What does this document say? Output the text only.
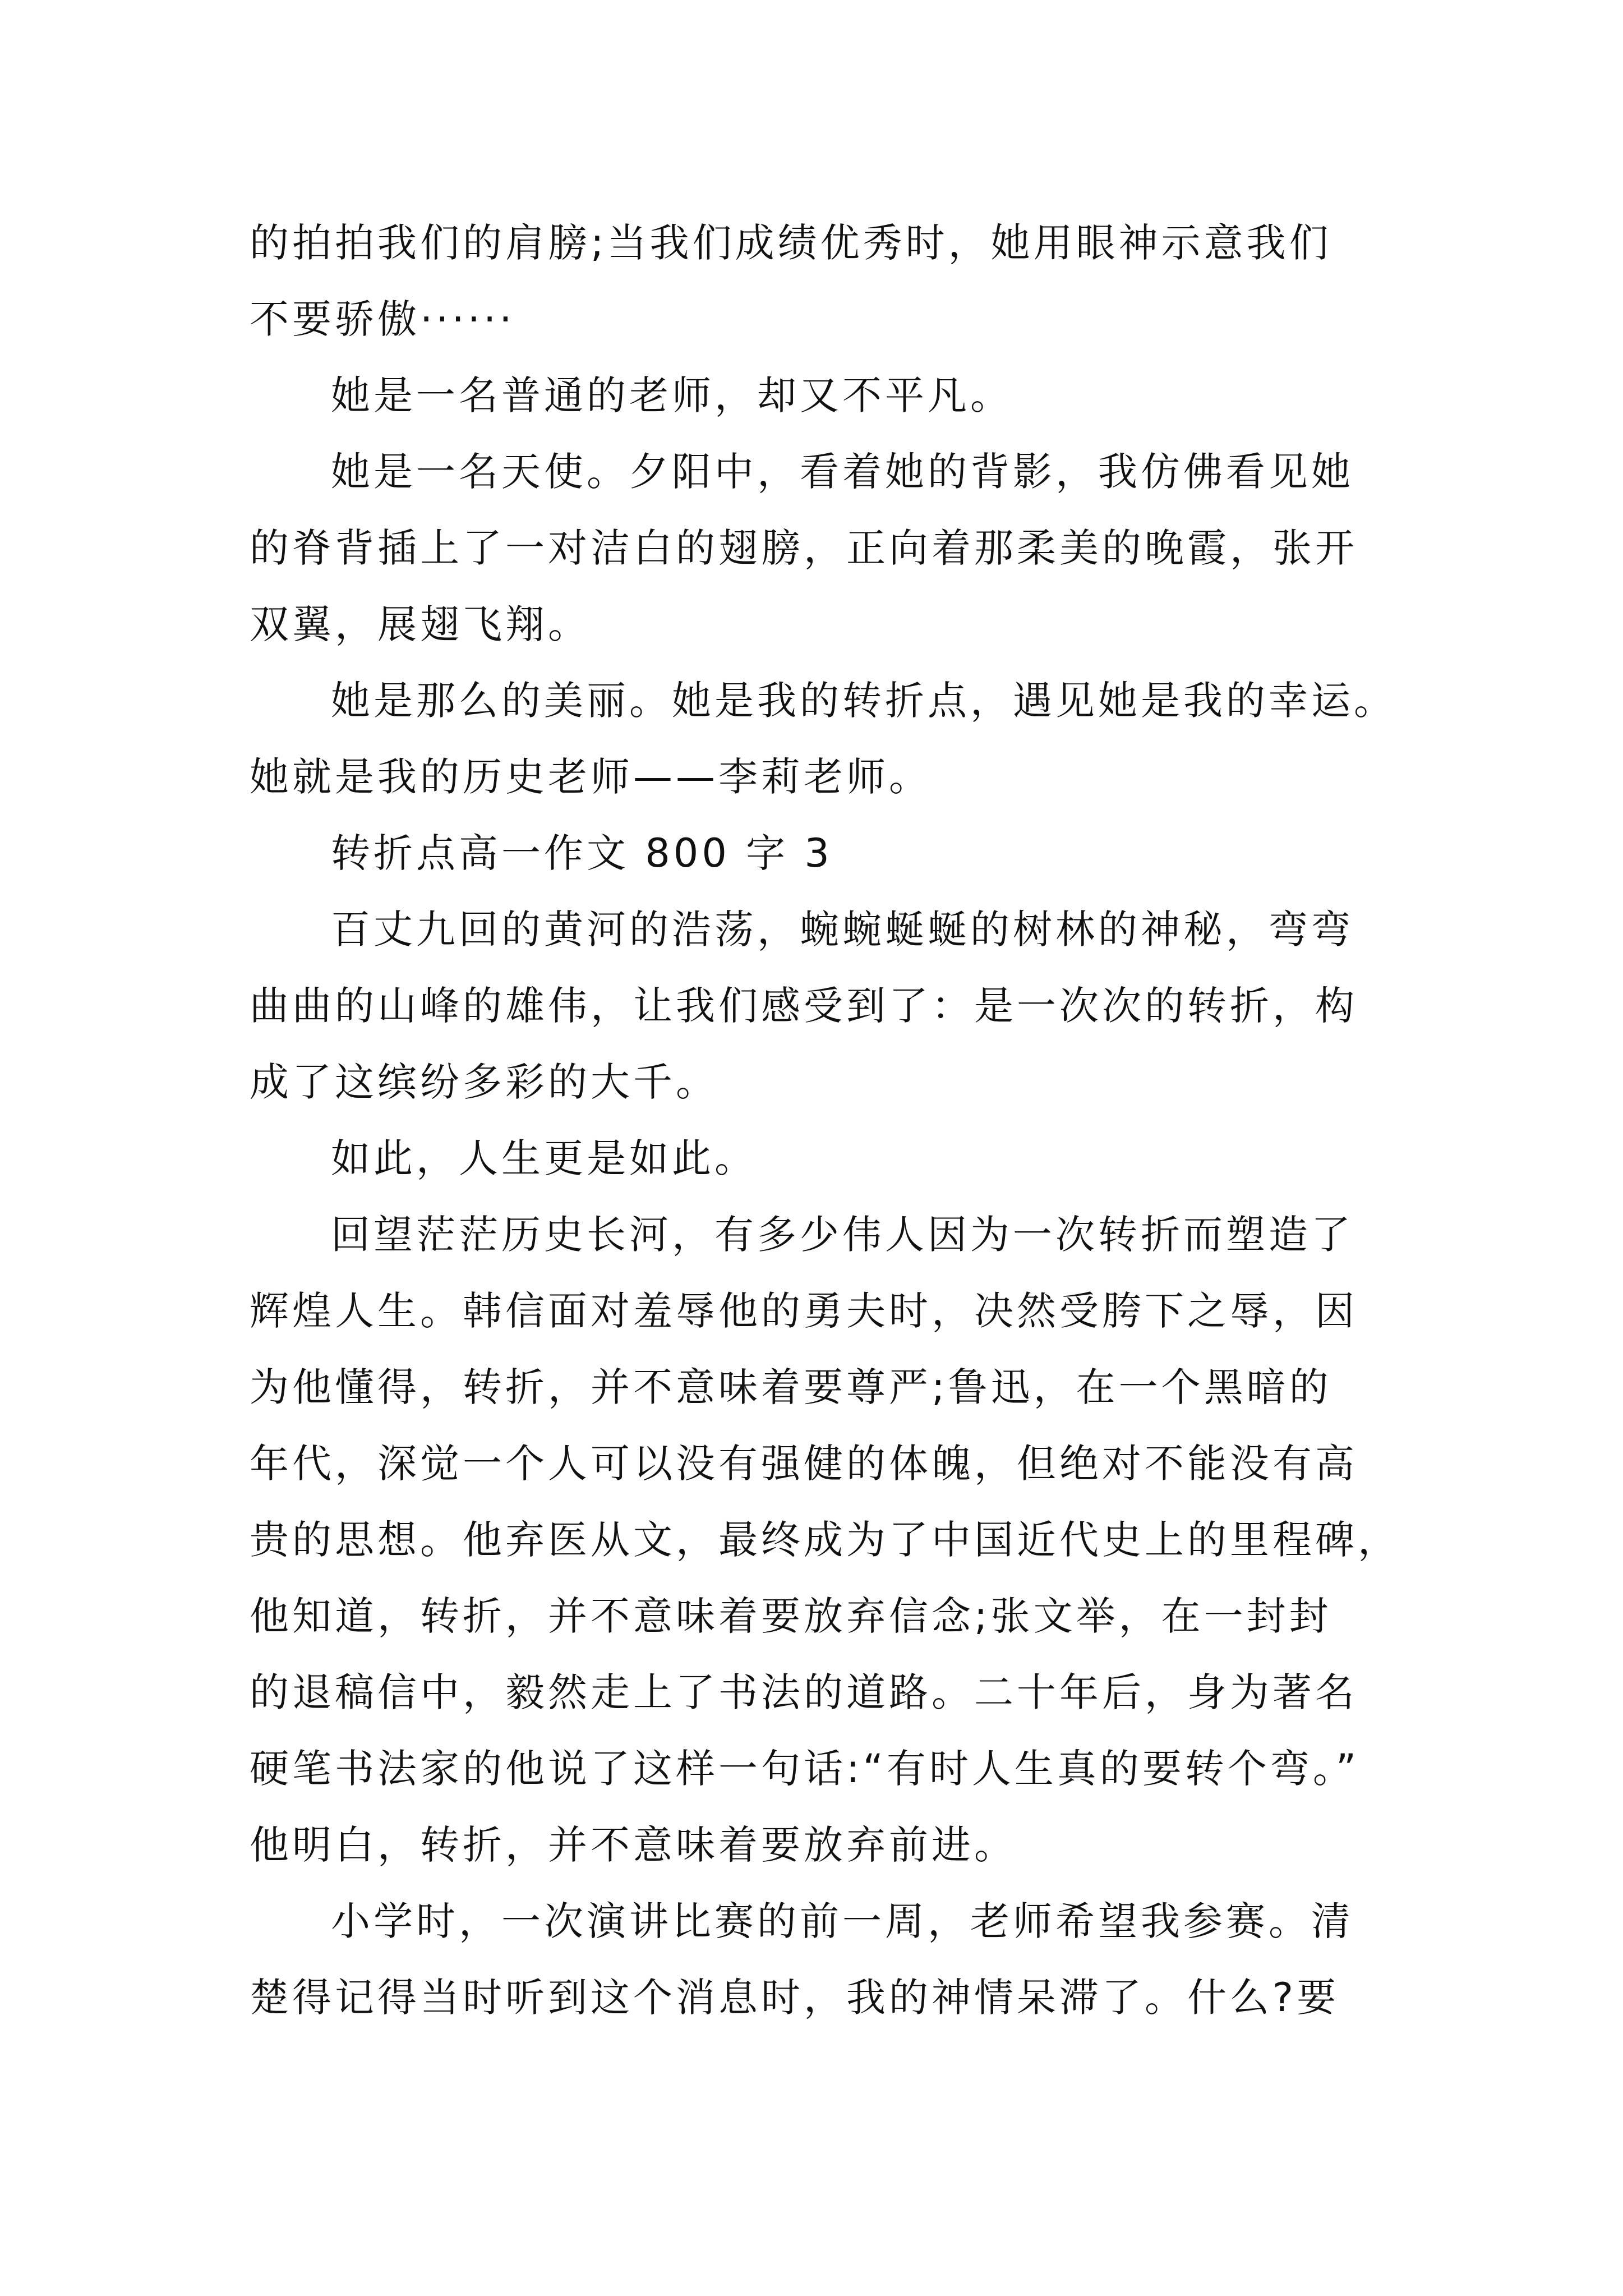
的拍拍我们的肩膀;当我们成绩优秀时，她用眼神示意我们

不要骄傲······

她是一名普通的老师，却又不平凡。

她是一名天使。夕阳中，看着她的背影，我仿佛看见她

的脊背插上了一对洁白的翅膀，正向着那柔美的晚霞，张开

双翼，展翅飞翔。

她是那么的美丽。她是我的转折点，遇见她是我的幸运。

她就是我的历史老师——李莉老师。

转折点高一作文 800 字 3

百丈九回的黄河的浩荡，蜿蜿蜒蜒的树林的神秘，弯弯

曲曲的山峰的雄伟，让我们感受到了：是一次次的转折，构

成了这缤纷多彩的大千。

如此，人生更是如此。

回望茫茫历史长河，有多少伟人因为一次转折而塑造了

辉煌人生。韩信面对羞辱他的勇夫时，决然受胯下之辱，因

为他懂得，转折，并不意味着要尊严;鲁迅，在一个黑暗的

年代，深觉一个人可以没有强健的体魄，但绝对不能没有高

贵的思想。他弃医从文，最终成为了中国近代史上的里程碑，

他知道，转折，并不意味着要放弃信念;张文举，在一封封

的退稿信中，毅然走上了书法的道路。二十年后，身为著名

硬笔书法家的他说了这样一句话:“有时人生真的要转个弯。”

他明白，转折，并不意味着要放弃前进。

小学时，一次演讲比赛的前一周，老师希望我参赛。清

楚得记得当时听到这个消息时，我的神情呆滞了。什么?要
